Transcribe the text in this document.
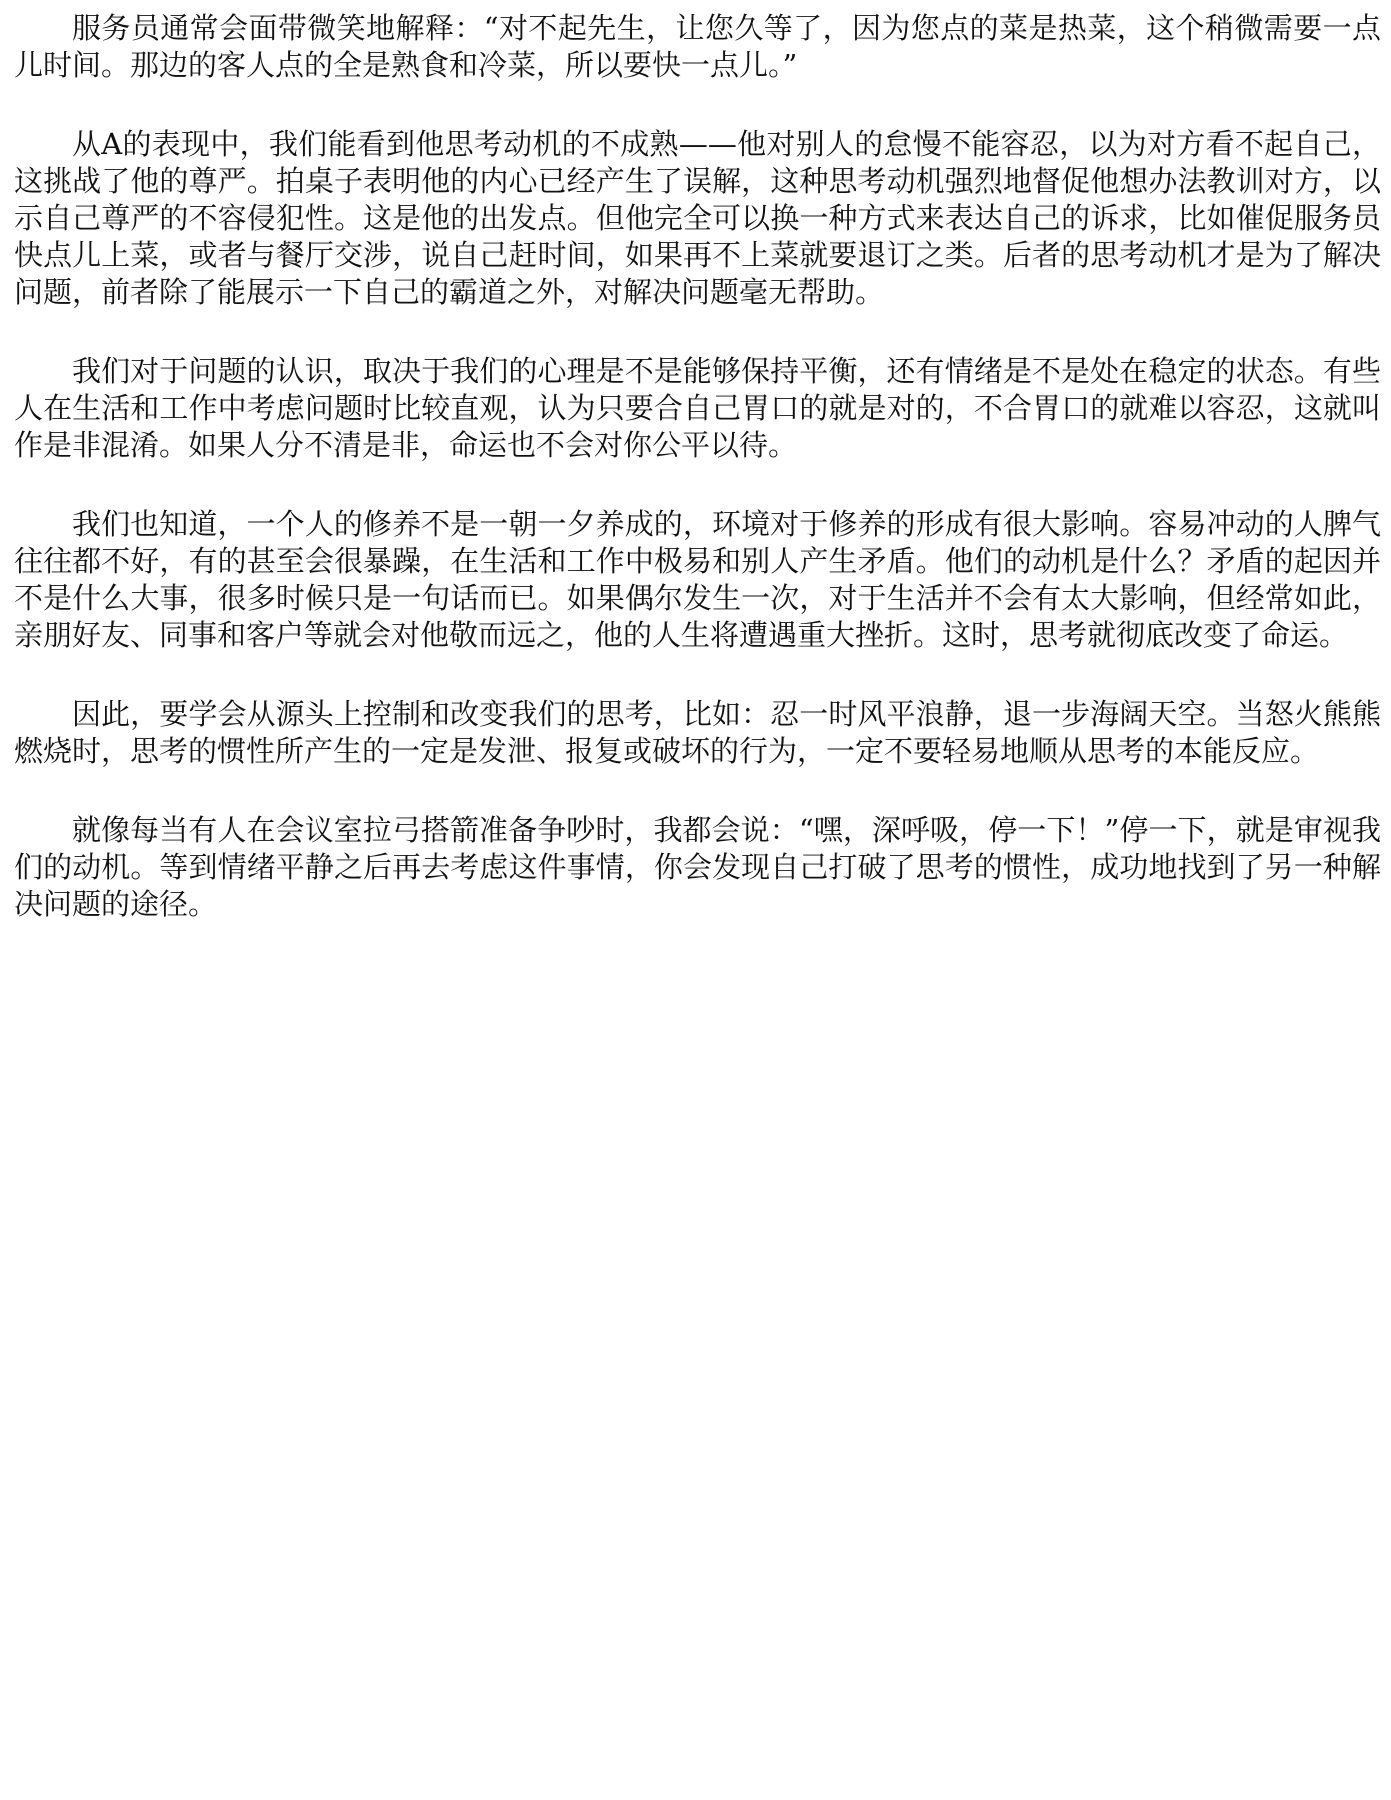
服务员通常会面带微笑地解释：“对不起先生，让您久等了，因为您点的菜是热菜，这个稍微需要一点儿时间。那边的客人点的全是熟食和冷菜，所以要快一点儿。”

从A的表现中，我们能看到他思考动机的不成熟——他对别人的怠慢不能容忍，以为对方看不起自己，这挑战了他的尊严。拍桌子表明他的内心已经产生了误解，这种思考动机强烈地督促他想办法教训对方，以示自己尊严的不容侵犯性。这是他的出发点。但他完全可以换一种方式来表达自己的诉求，比如催促服务员快点儿上菜，或者与餐厅交涉，说自己赶时间，如果再不上菜就要退订之类。后者的思考动机才是为了解决问题，前者除了能展示一下自己的霸道之外，对解决问题毫无帮助。

我们对于问题的认识，取决于我们的心理是不是能够保持平衡，还有情绪是不是处在稳定的状态。有些人在生活和工作中考虑问题时比较直观，认为只要合自己胃口的就是对的，不合胃口的就难以容忍，这就叫作是非混淆。如果人分不清是非，命运也不会对你公平以待。

我们也知道，一个人的修养不是一朝一夕养成的，环境对于修养的形成有很大影响。容易冲动的人脾气往往都不好，有的甚至会很暴躁，在生活和工作中极易和别人产生矛盾。他们的动机是什么？矛盾的起因并不是什么大事，很多时候只是一句话而已。如果偶尔发生一次，对于生活并不会有太大影响，但经常如此，亲朋好友、同事和客户等就会对他敬而远之，他的人生将遭遇重大挫折。这时，思考就彻底改变了命运。

因此，要学会从源头上控制和改变我们的思考，比如：忍一时风平浪静，退一步海阔天空。当怒火熊熊燃烧时，思考的惯性所产生的一定是发泄、报复或破坏的行为，一定不要轻易地顺从思考的本能反应。

就像每当有人在会议室拉弓搭箭准备争吵时，我都会说：“嘿，深呼吸，停一下！”停一下，就是审视我们的动机。等到情绪平静之后再去考虑这件事情，你会发现自己打破了思考的惯性，成功地找到了另一种解决问题的途径。
